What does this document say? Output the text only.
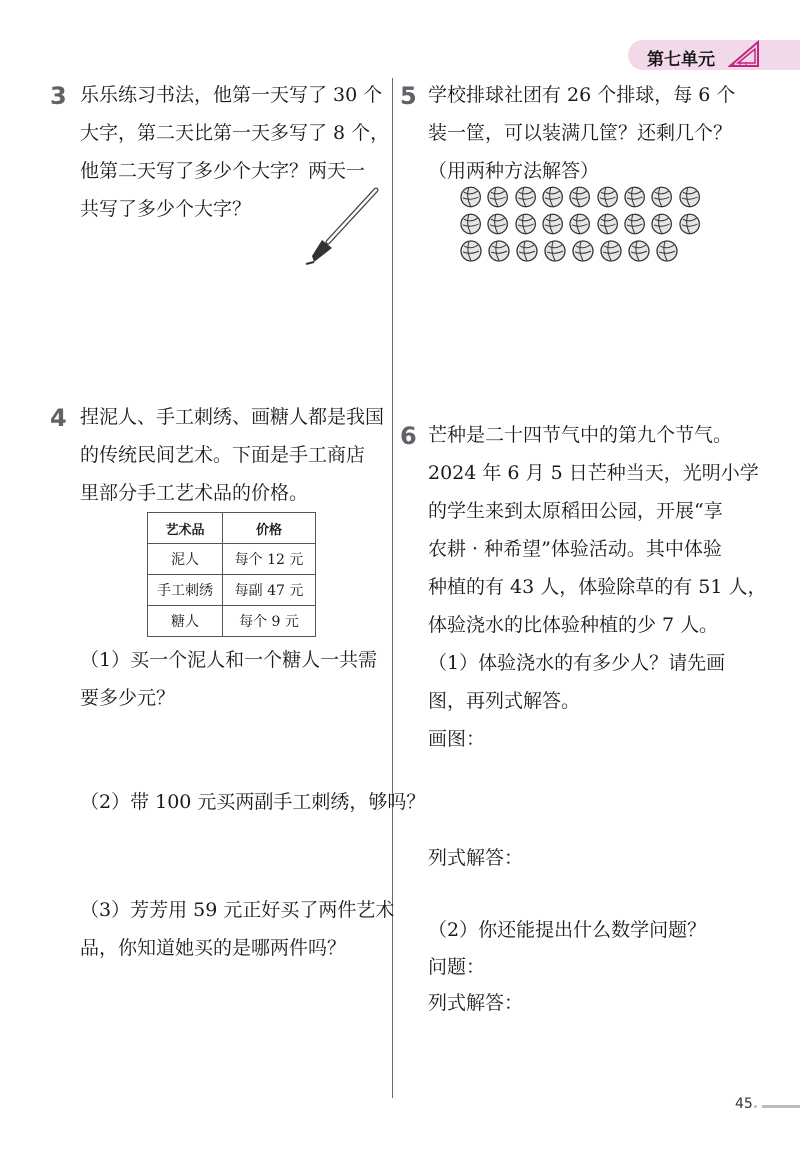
第七单元
3 乐乐练习书法，他第一天写了 30 个
大字，第二天比第一天多写了 8 个，
他第二天写了多少个大字？两天一
共写了多少个大字？
4 捏泥人、手工刺绣、画糖人都是我国
的传统民间艺术。下面是手工商店
里部分手工艺术品的价格。
艺术品	价格
泥人	每个 12 元
手工刺绣	每副 47 元
糖人	每个 9 元
（1）买一个泥人和一个糖人一共需
要多少元？
（2）带 100 元买两副手工刺绣，够吗？
（3）芳芳用 59 元正好买了两件艺术
品，你知道她买的是哪两件吗？
5 学校排球社团有 26 个排球，每 6 个
装一筐，可以装满几筐？还剩几个？
（用两种方法解答）
6 芒种是二十四节气中的第九个节气。
2024 年 6 月 5 日芒种当天，光明小学
的学生来到太原稻田公园，开展“享
农耕 · 种希望”体验活动。其中体验
种植的有 43 人，体验除草的有 51 人，
体验浇水的比体验种植的少 7 人。
（1）体验浇水的有多少人？请先画
图，再列式解答。
画图：
列式解答：
（2）你还能提出什么数学问题？
问题：
列式解答：
45
